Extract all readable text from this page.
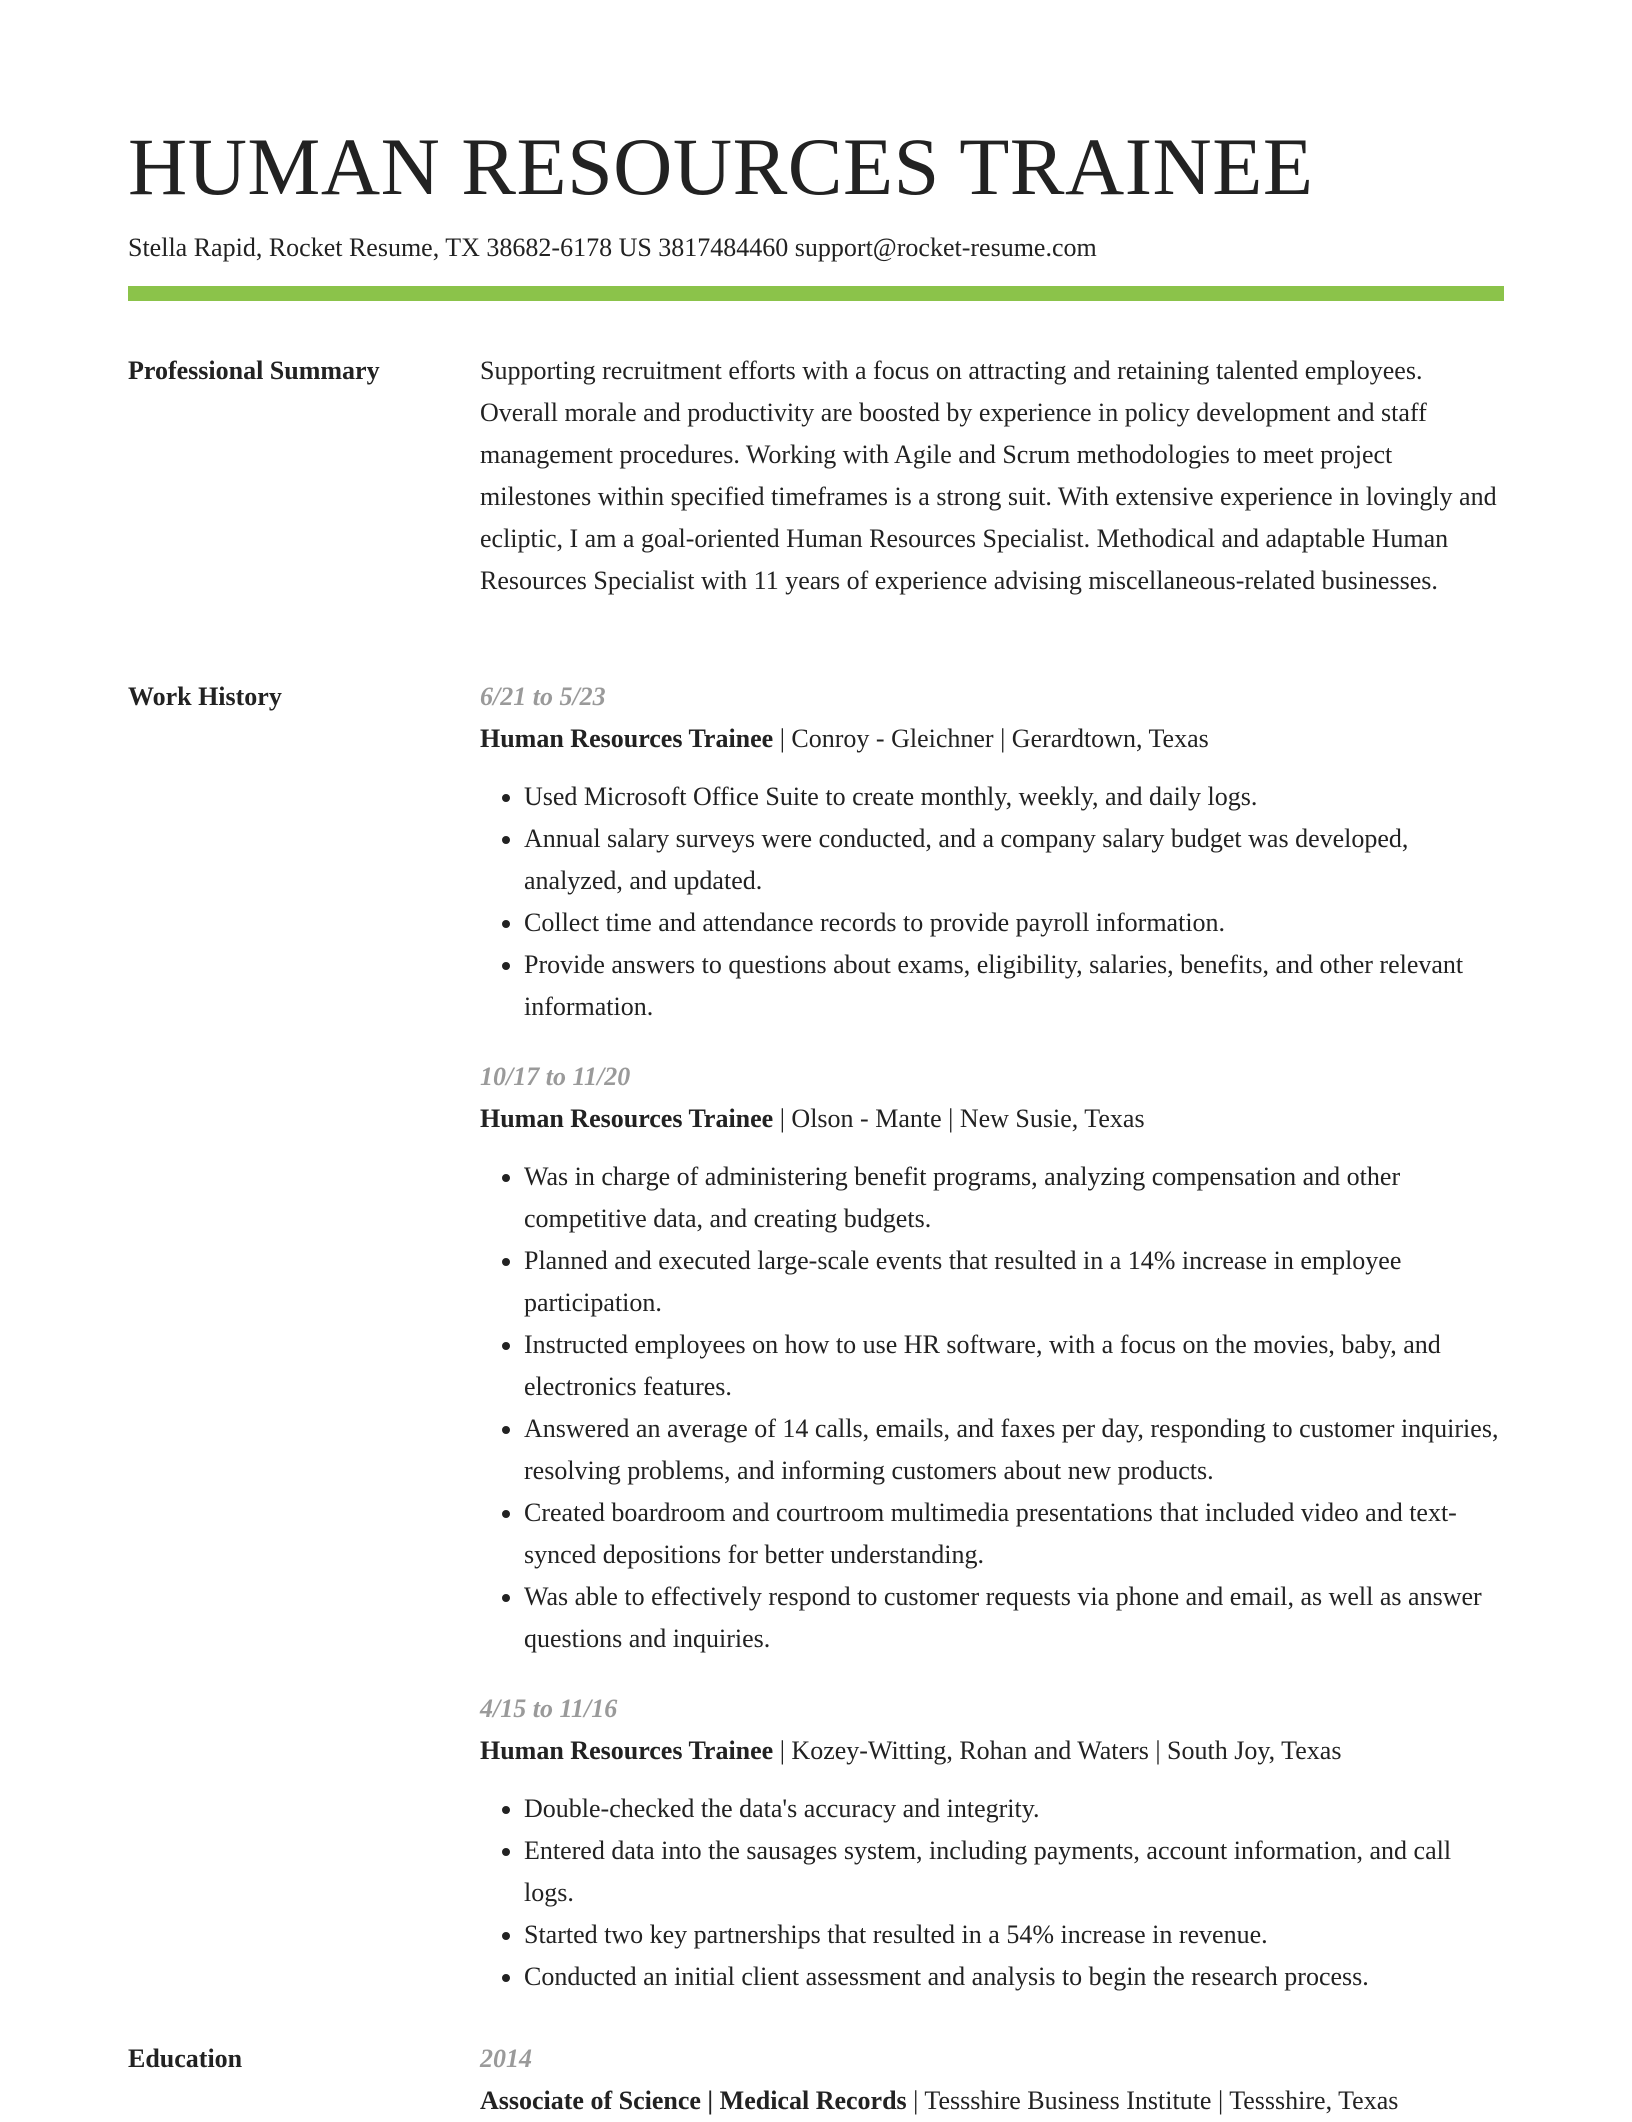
HUMAN RESOURCES TRAINEE
Stella Rapid, Rocket Resume, TX 38682-6178 US 3817484460 support@rocket-resume.com
Professional Summary	Supporting recruitment efforts with a focus on attracting and retaining talented employees. Overall morale and productivity are boosted by experience in policy development and staff management procedures. Working with Agile and Scrum methodologies to meet project milestones within specified timeframes is a strong suit. With extensive experience in lovingly and ecliptic, I am a goal-oriented Human Resources Specialist. Methodical and adaptable Human Resources Specialist with 11 years of experience advising miscellaneous-related businesses.

Work History	6/21 to 5/23
Human Resources Trainee | Conroy - Gleichner | Gerardtown, Texas
• Used Microsoft Office Suite to create monthly, weekly, and daily logs.
• Annual salary surveys were conducted, and a company salary budget was developed, analyzed, and updated.
• Collect time and attendance records to provide payroll information.
• Provide answers to questions about exams, eligibility, salaries, benefits, and other relevant information.
10/17 to 11/20
Human Resources Trainee | Olson - Mante | New Susie, Texas
• Was in charge of administering benefit programs, analyzing compensation and other competitive data, and creating budgets.
• Planned and executed large-scale events that resulted in a 14% increase in employee participation.
• Instructed employees on how to use HR software, with a focus on the movies, baby, and electronics features.
• Answered an average of 14 calls, emails, and faxes per day, responding to customer inquiries, resolving problems, and informing customers about new products.
• Created boardroom and courtroom multimedia presentations that included video and text-synced depositions for better understanding.
• Was able to effectively respond to customer requests via phone and email, as well as answer questions and inquiries.
4/15 to 11/16
Human Resources Trainee | Kozey-Witting, Rohan and Waters | South Joy, Texas
• Double-checked the data's accuracy and integrity.
• Entered data into the sausages system, including payments, account information, and call logs.
• Started two key partnerships that resulted in a 54% increase in revenue.
• Conducted an initial client assessment and analysis to begin the research process.
Education	2014
Associate of Science | Medical Records | Tessshire Business Institute | Tessshire, Texas
